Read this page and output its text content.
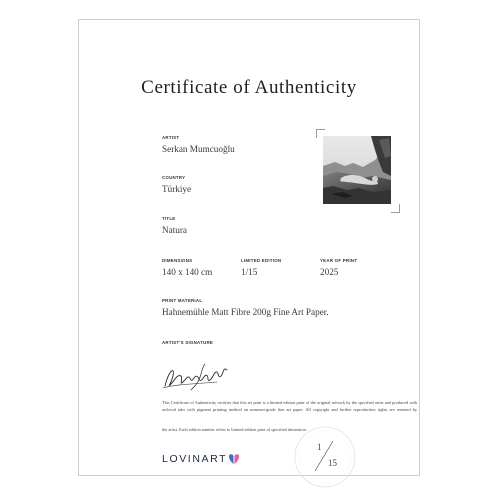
Certificate of Authenticity
ARTIST
Serkan Mumcuoğlu
COUNTRY
Türkiye
TITLE
Natura
DIMENSIONS
140 x 140 cm
LIMITED EDITION
1/15
YEAR OF PRINT
2025
PRINT MATERIAL
Hahnemühle Matt Fibre 200g Fine Art Paper.
ARTIST'S SIGNATURE
This Certificate of Authenticity certifies that this art print is a limited edition print of the original artwork by the specified artist and produced with archival inks with pigment printing method on museum-grade fine art paper. All copyright and further reproduction rights are retained by
the artist. Each edition number refers to limited edition print of specified dimension.
LOVINART
1
15
